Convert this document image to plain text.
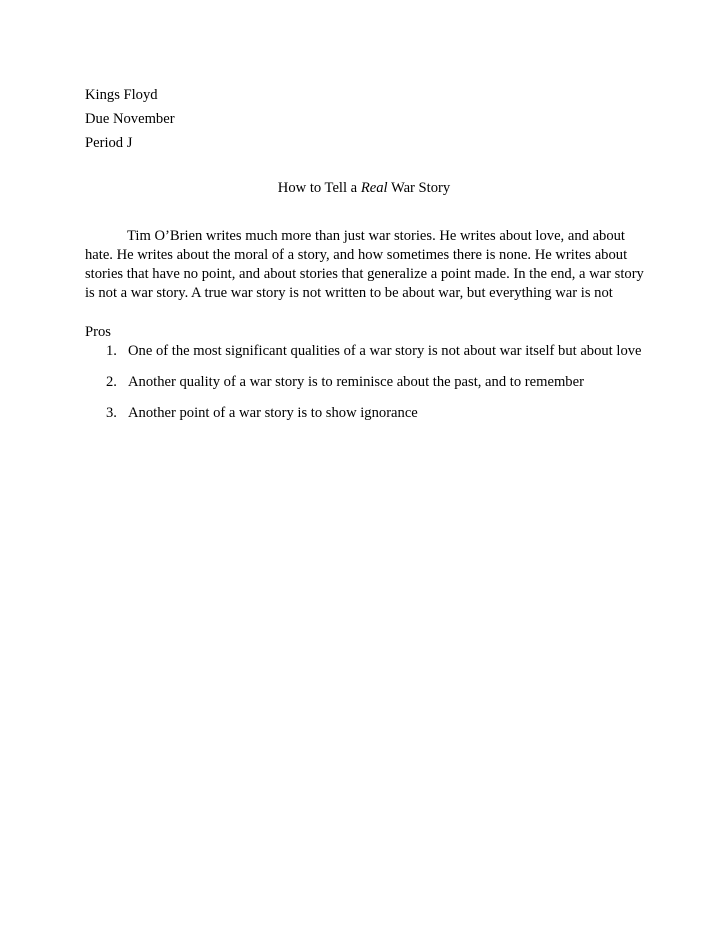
Kings Floyd
Due November
Period J
How to Tell a Real War Story
Tim O’Brien writes much more than just war stories. He writes about love, and about
hate. He writes about the moral of a story, and how sometimes there is none. He writes about
stories that have no point, and about stories that generalize a point made. In the end, a war story
is not a war story. A true war story is not written to be about war, but everything war is not
Pros
1. One of the most significant qualities of a war story is not about war itself but about love
2. Another quality of a war story is to reminisce about the past, and to remember
3. Another point of a war story is to show ignorance
